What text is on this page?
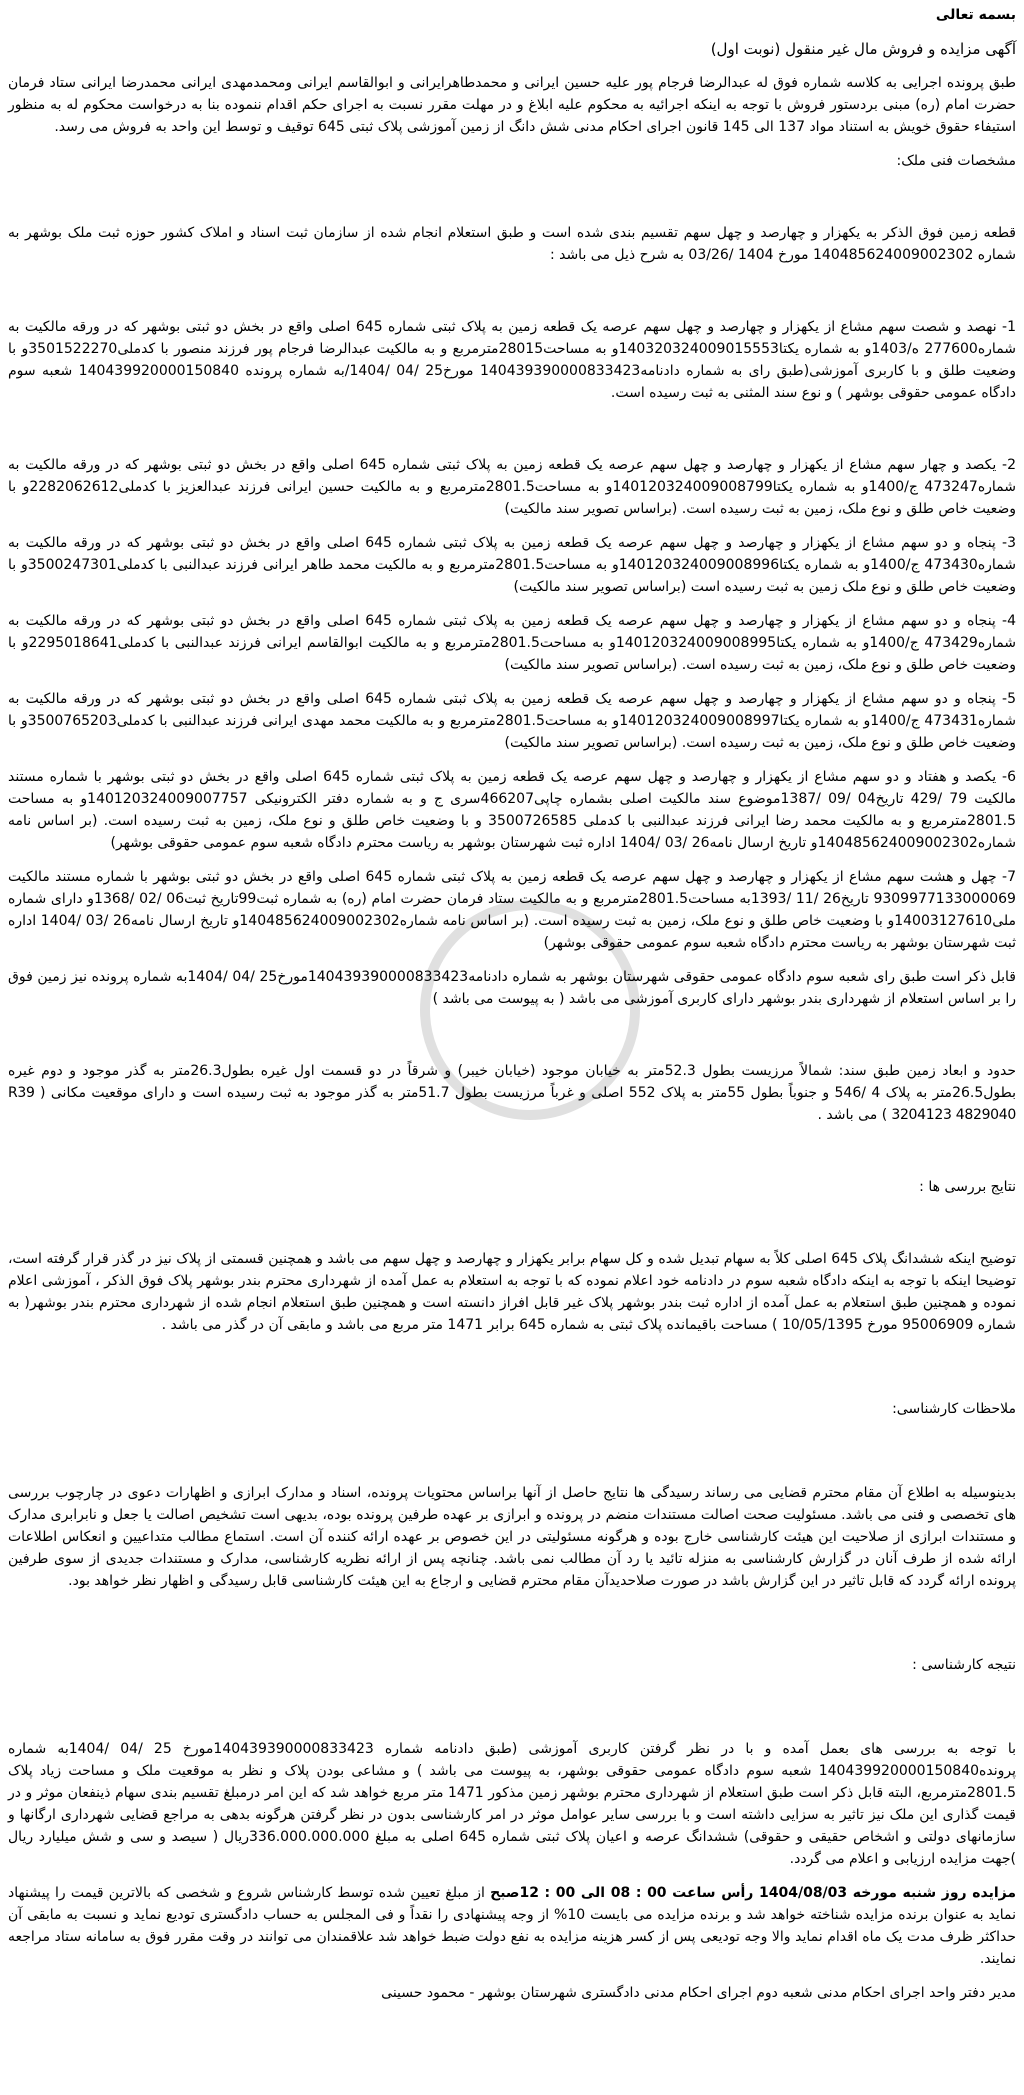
بسمه تعالی

آگهی مزایده و فروش مال غیر منقول (نوبت اول)

طبق پرونده اجرایی به کلاسه شماره فوق له عبدالرضا فرجام پور علیه حسین ایرانی و محمدطاهرایرانی و ابوالقاسم ایرانی ومحمدمهدی ایرانی محمدرضا ایرانی ستاد فرمان حضرت امام (ره) مبنی بردستور فروش با توجه به اینکه اجرائیه به محکوم علیه ابلاغ و در مهلت مقرر نسبت به اجرای حکم اقدام ننموده بنا به درخواست محکوم له به منظور استیفاء حقوق خویش به استناد مواد 137 الی 145 قانون اجرای احکام مدنی شش دانگ از زمین آموزشی پلاک ثبتی 645 توقیف و توسط این واحد به فروش می رسد.

مشخصات فنی ملک:

قطعه زمین فوق الذکر به یکهزار و چهارصد و چهل سهم تقسیم بندی شده است و طبق استعلام انجام شده از سازمان ثبت اسناد و املاک کشور حوزه ثبت ملک بوشهر به شماره 140485624009002302 مورخ 1404 /03/26 به شرح ذیل می باشد :

1- نهصد و شصت سهم مشاع از یکهزار و چهارصد و چهل سهم عرصه یک قطعه زمین به پلاک ثبتی شماره 645 اصلی واقع در بخش دو ثبتی بوشهر که در ورقه مالکیت به شماره277600 ه/1403و به شماره یکتا140320324009015553و به مساحت28015مترمربع و به مالکیت عبدالرضا فرجام پور فرزند منصور با کدملی3501522270و با وضعیت طلق و با کاربری آموزشی(طبق رای به شماره دادنامه140439390000833423 مورخ25 /04 /1404/به شماره پرونده 140439920000150840 شعبه سوم دادگاه عمومی حقوقی بوشهر ) و نوع سند المثنی به ثبت رسیده است.

2- یکصد و چهار سهم مشاع از یکهزار و چهارصد و چهل سهم عرصه یک قطعه زمین به پلاک ثبتی شماره 645 اصلی واقع در بخش دو ثبتی بوشهر که در ورقه مالکیت به شماره473247 ج/1400و به شماره یکتا140120324009008799و به مساحت2801.5مترمربع و به مالکیت حسین ایرانی فرزند عبدالعزیز با کدملی2282062612و با وضعیت خاص طلق و نوع ملک، زمین به ثبت رسیده است. (براساس تصویر سند مالکیت)

3- پنجاه و دو سهم مشاع از یکهزار و چهارصد و چهل سهم عرصه یک قطعه زمین به پلاک ثبتی شماره 645 اصلی واقع در بخش دو ثبتی بوشهر که در ورقه مالکیت به شماره473430 ج/1400و به شماره یکتا140120324009008996و به مساحت2801.5مترمربع و به مالکیت محمد طاهر ایرانی فرزند عبدالنبی با کدملی3500247301و با وضعیت خاص طلق و نوع ملک زمین به ثبت رسیده است (براساس تصویر سند مالکیت)

4- پنجاه و دو سهم مشاع از یکهزار و چهارصد و چهل سهم عرصه یک قطعه زمین به پلاک ثبتی شماره 645 اصلی واقع در بخش دو ثبتی بوشهر که در ورقه مالکیت به شماره473429 ج/1400و به شماره یکتا140120324009008995و به مساحت2801.5مترمربع و به مالکیت ابوالقاسم ایرانی فرزند عبدالنبی با کدملی2295018641و با وضعیت خاص طلق و نوع ملک، زمین به ثبت رسیده است. (براساس تصویر سند مالکیت)

5- پنجاه و دو سهم مشاع از یکهزار و چهارصد و چهل سهم عرصه یک قطعه زمین به پلاک ثبتی شماره 645 اصلی واقع در بخش دو ثبتی بوشهر که در ورقه مالکیت به شماره473431 ج/1400و به شماره یکتا140120324009008997و به مساحت2801.5مترمربع و به مالکیت محمد مهدی ایرانی فرزند عبدالنبی با کدملی3500765203و با وضعیت خاص طلق و نوع ملک، زمین به ثبت رسیده است. (براساس تصویر سند مالکیت)

6- یکصد و هفتاد و دو سهم مشاع از یکهزار و چهارصد و چهل سهم عرصه یک قطعه زمین به پلاک ثبتی شماره 645 اصلی واقع در بخش دو ثبتی بوشهر با شماره مستند مالکیت 79 /429 تاریخ04 /09 /1387موضوع سند مالکیت اصلی بشماره چاپی466207سری ج و به شماره دفتر الکترونیکی 140120324009007757و به مساحت 2801.5مترمربع و به مالکیت محمد رضا ایرانی فرزند عبدالنبی با کدملی 3500726585 و با وضعیت خاص طلق و نوع ملک، زمین به ثبت رسیده است. (بر اساس نامه شماره140485624009002302و تاریخ ارسال نامه26 /03 /1404 اداره ثبت شهرستان بوشهر به ریاست محترم دادگاه شعبه سوم عمومی حقوقی بوشهر)

7- چهل و هشت سهم مشاع از یکهزار و چهارصد و چهل سهم عرصه یک قطعه زمین به پلاک ثبتی شماره 645 اصلی واقع در بخش دو ثبتی بوشهر با شماره مستند مالکیت 9309977133000069 تاریخ26 /11 /1393به مساحت2801.5مترمربع و به مالکیت ستاد فرمان حضرت امام (ره) به شماره ثبت99تاریخ ثبت06 /02 /1368و دارای شماره ملی14003127610و با وضعیت خاص طلق و نوع ملک، زمین به ثبت رسیده است. (بر اساس نامه شماره140485624009002302و تاریخ ارسال نامه26 /03 /1404 اداره ثبت شهرستان بوشهر به ریاست محترم دادگاه شعبه سوم عمومی حقوقی بوشهر)

قابل ذکر است طبق رای شعبه سوم دادگاه عمومی حقوقی شهرستان بوشهر به شماره دادنامه140439390000833423مورخ25 /04 /1404به شماره پرونده نیز زمین فوق را بر اساس استعلام از شهرداری بندر بوشهر دارای کاربری آموزشی می باشد ( به پیوست می باشد )

حدود و ابعاد زمین طبق سند: شمالاً مرزیست بطول 52.3متر به خیابان موجود (خیابان خیبر) و شرقاً در دو قسمت اول غیره بطول26.3متر به گذر موجود و دوم غیره بطول26.5متر به پلاک 4 /546 و جنوباً بطول 55متر به پلاک 552 اصلی و غرباً مرزیست بطول 51.7متر به گذر موجود به ثبت رسیده است و دارای موقعیت مکانی ( R39 3204123 4829040 ) می باشد .

نتایج بررسی ها :

توضیح اینکه ششدانگ پلاک 645 اصلی کلاً به سهام تبدیل شده و کل سهام برابر یکهزار و چهارصد و چهل سهم می باشد و همچنین قسمتی از پلاک نیز در گذر قرار گرفته است، توضیحا اینکه با توجه به اینکه دادگاه شعبه سوم در دادنامه خود اعلام نموده که با توجه به استعلام به عمل آمده از شهرداری محترم بندر بوشهر پلاک فوق الذکر ، آموزشی اعلام نموده و همچنین طبق استعلام به عمل آمده از اداره ثبت بندر بوشهر پلاک غیر قابل افراز دانسته است و همچنین طبق استعلام انجام شده از شهرداری محترم بندر بوشهر( به شماره 95006909 مورخ 10/05/1395 ) مساحت باقیمانده پلاک ثبتی به شماره 645 برابر 1471 متر مربع می باشد و مابقی آن در گذر می باشد .

ملاحظات کارشناسی:

بدینوسیله به اطلاع آن مقام محترم قضایی می رساند رسیدگی ها نتایج حاصل از آنها براساس محتویات پرونده، اسناد و مدارک ابرازی و اظهارات دعوی در چارچوب بررسی های تخصصی و فنی می باشد. مسئولیت صحت اصالت مستندات منضم در پرونده و ابرازی بر عهده طرفین پرونده بوده، بدیهی است تشخیص اصالت یا جعل و نابرابری مدارک و مستندات ابرازی از صلاحیت این هیئت کارشناسی خارج بوده و هرگونه مسئولیتی در این خصوص بر عهده ارائه کننده آن است. استماع مطالب متداعیین و انعکاس اطلاعات ارائه شده از طرف آنان در گزارش کارشناسی به منزله تائید یا رد آن مطالب نمی باشد. چنانچه پس از ارائه نظریه کارشناسی، مدارک و مستندات جدیدی از سوی طرفین پرونده ارائه گردد که قابل تاثیر در این گزارش باشد در صورت صلاحدیدآن مقام محترم قضایی و ارجاع به این هیئت کارشناسی قابل رسیدگی و اظهار نظر خواهد بود.

نتیجه کارشناسی :

با توجه به بررسی های بعمل آمده و با در نظر گرفتن کاربری آموزشی (طبق دادنامه شماره 140439390000833423مورخ 25 /04 /1404به شماره پرونده140439920000150840 شعبه سوم دادگاه عمومی حقوقی بوشهر، به پیوست می باشد ) و مشاعی بودن پلاک و نظر به موقعیت ملک و مساحت زیاد پلاک 2801.5مترمربع، البته قابل ذکر است طبق استعلام از شهرداری محترم بوشهر زمین مذکور 1471 متر مربع خواهد شد که این امر درمبلغ تقسیم بندی سهام ذینفعان موثر و در قیمت گذاری این ملک نیز تاثیر به سزایی داشته است و با بررسی سایر عوامل موثر در امر کارشناسی بدون در نظر گرفتن هرگونه بدهی به مراجع قضایی شهرداری ارگانها و سازمانهای دولتی و اشخاص حقیقی و حقوقی) ششدانگ عرصه و اعیان پلاک ثبتی شماره 645 اصلی به مبلغ 336.000.000.000ریال ( سیصد و سی و شش میلیارد ریال )جهت مزایده ارزیابی و اعلام می گردد.

مزایده روز شنبه مورخه 1404/08/03 رأس ساعت 00 : 08 الی 00 : 12صبح از مبلغ تعیین شده توسط کارشناس شروع و شخصی که بالاترین قیمت را پیشنهاد نماید به عنوان برنده مزایده شناخته خواهد شد و برنده مزایده می بایست 10% از وجه پیشنهادی را نقداً و فی المجلس به حساب دادگستری تودیع نماید و نسبت به مابقی آن حداکثر ظرف مدت یک ماه اقدام نماید والا وجه تودیعی پس از کسر هزینه مزایده به نفع دولت ضبط خواهد شد علاقمندان می توانند در وقت مقرر فوق به سامانه ستاد مراجعه نمایند.

مدیر دفتر واحد اجرای احکام مدنی شعبه دوم اجرای احکام مدنی دادگستری شهرستان بوشهر - محمود حسینی
